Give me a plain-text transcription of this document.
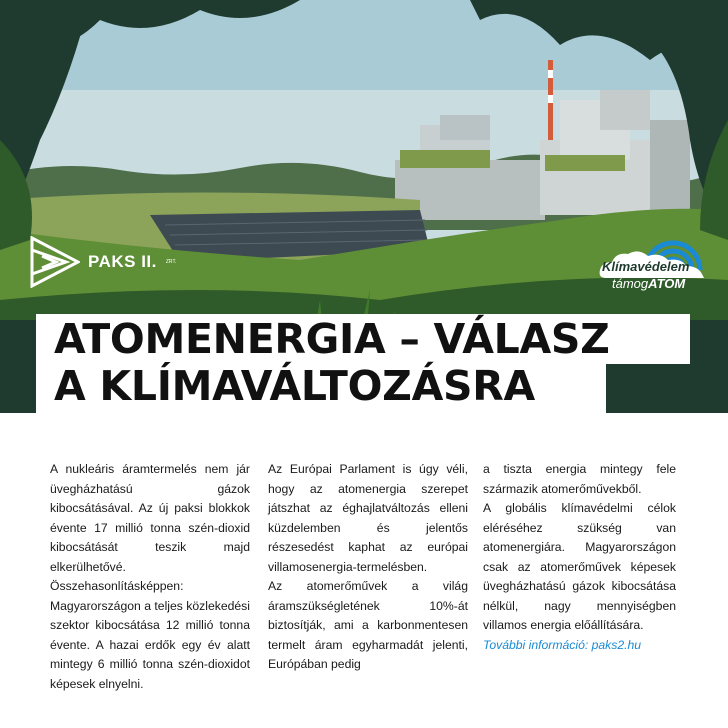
PAKS II. ZRT.	Klímavédelem
támogATOM
ATOMENERGIA – VÁLASZ
A KLÍMAVÁLTOZÁSRA

A nukleáris áramtermelés nem jár üvegházhatású gázok kibocsátásával. Az új paksi blokkok évente 17 millió tonna szén-dioxid kibocsátását teszik majd elkerülhetővé. Összehasonlításképpen: Magyarországon a teljes közlekedési szektor kibocsátása 12 millió tonna évente. A hazai erdők egy év alatt mintegy 6 millió tonna szén-dioxidot képesek elnyelni.

Az Európai Parlament is úgy véli, hogy az atomenergia szerepet játszhat az éghajlatváltozás elleni küzdelemben és jelentős részesedést kaphat az európai villamosenergia-termelésben.

Az atomerőművek a világ áramszükségletének 10%-át biztosítják, ami a karbonmentesen termelt áram egyharmadát jelenti, Európában pedig

a tiszta energia mintegy fele származik atomerőművekből.

A globális klímavédelmi célok eléréséhez szükség van atomenergiára. Magyarországon csak az atomerőművek képesek üvegházhatású gázok kibocsátása nélkül, nagy mennyiségben villamos energia előállítására.

További információ: paks2.hu
